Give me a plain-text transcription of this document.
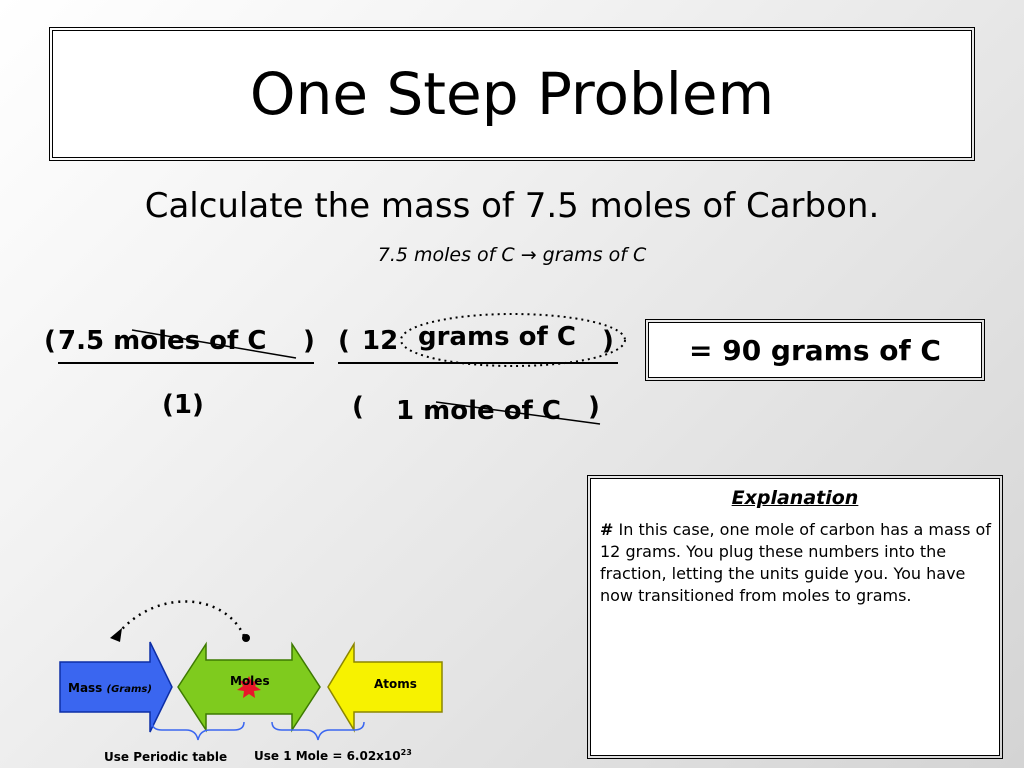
One Step Problem
Calculate the mass of 7.5 moles of Carbon.
7.5 moles of C → grams of C
( 7.5 moles of C )
(1)
( 12 grams of C )
( 1 mole of C )
= 90 grams of C
Explanation
# In this case, one mole of carbon has a mass of 12 grams. You plug these numbers into the fraction, letting the units guide you. You have now transitioned from moles to grams.
Mass (Grams)
Moles	Atoms
Use Periodic table Use 1 Mole = $6.02x10^{23}$
